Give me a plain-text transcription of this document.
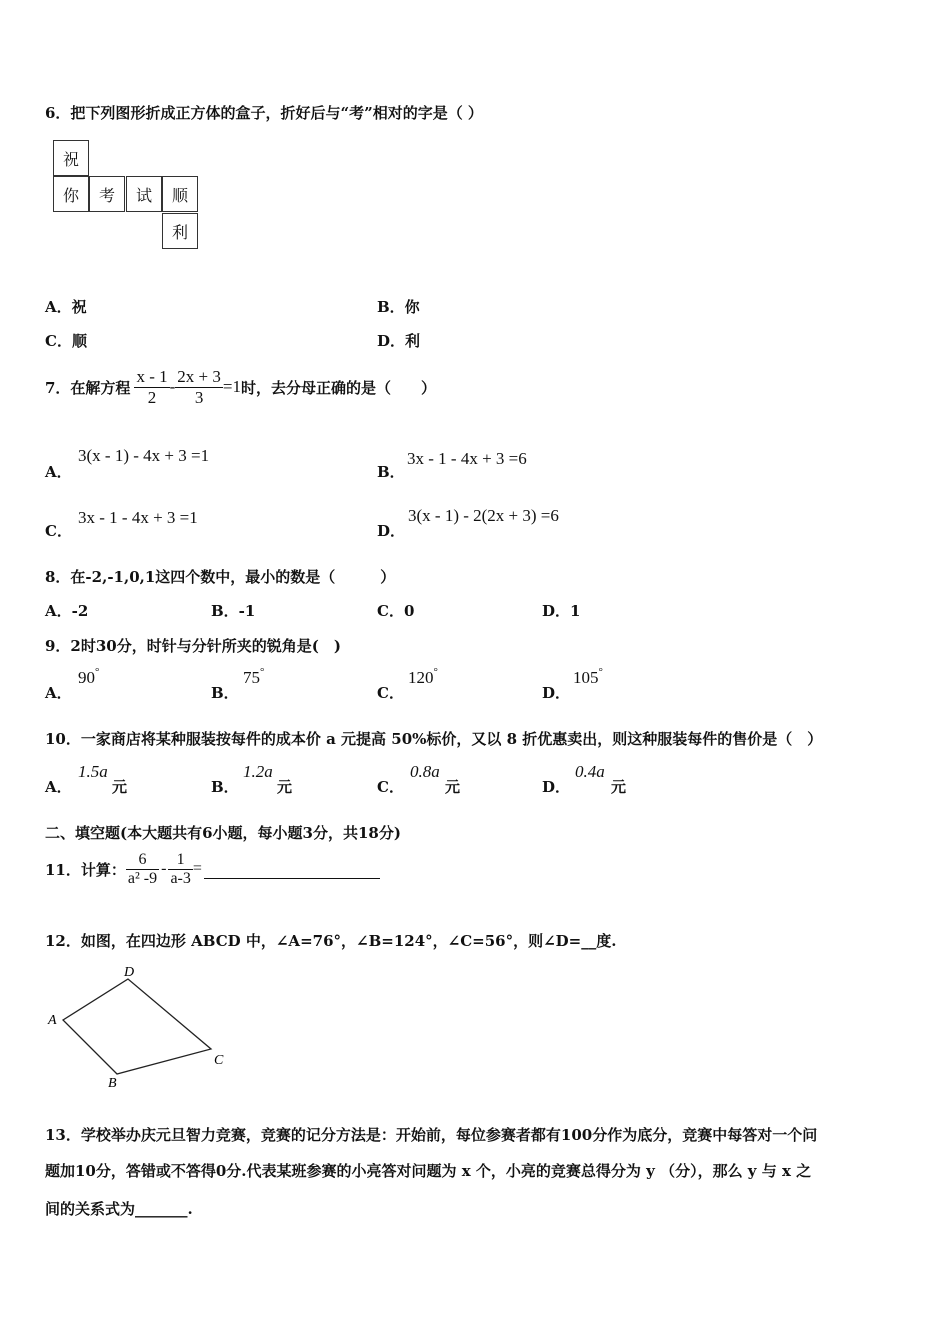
6．把下列图形折成正方体的盒子，折好后与“考”相对的字是（ ）
祝
你	考	试	顺
利
A．祝	B．你
C．顺	D．利
7．在解方程 $\frac{x - 1}{2} - \frac{2x + 3}{3} =1$ 时，去分母正确的是（　　）
A．
3(x - 1) - 4x + 3 =1
B．
3x - 1 - 4x + 3 =6
C．
3x - 1 - 4x + 3 =1
D．
3(x - 1) - 2(2x + 3) =6
8．在-2,-1,0,1这四个数中，最小的数是（　　　）
A．-2	B．-1	C．0	D．1
9．2时30分，时针与分针所夹的锐角是(　)
A．
90°
B．
75°
C．
120°
D．
105°
10．一家商店将某种服装按每件的成本价 a 元提高 50%标价，又以 8 折优惠卖出，则这种服装每件的售价是（　）
A．
1.5a
元	B．
1.2a
元	C．
0.8a
元	D．
0.4a
元
二、填空题(本大题共有6小题，每小题3分，共18分)
11．计算： $\frac{6}{\text{a² -9}} - \frac{1}{a-3}$ =
12．如图，在四边形 ABCD 中，∠A=76°，∠B=124°，∠C=56°，则∠D=__度.
D
A
C
B
13．学校举办庆元旦智力竞赛，竞赛的记分方法是：开始前，每位参赛者都有100分作为底分，竞赛中每答对一个问
题加10分，答错或不答得0分.代表某班参赛的小亮答对问题为 x 个，小亮的竞赛总得分为 y （分），那么 y 与 x 之
间的关系式为_______.
